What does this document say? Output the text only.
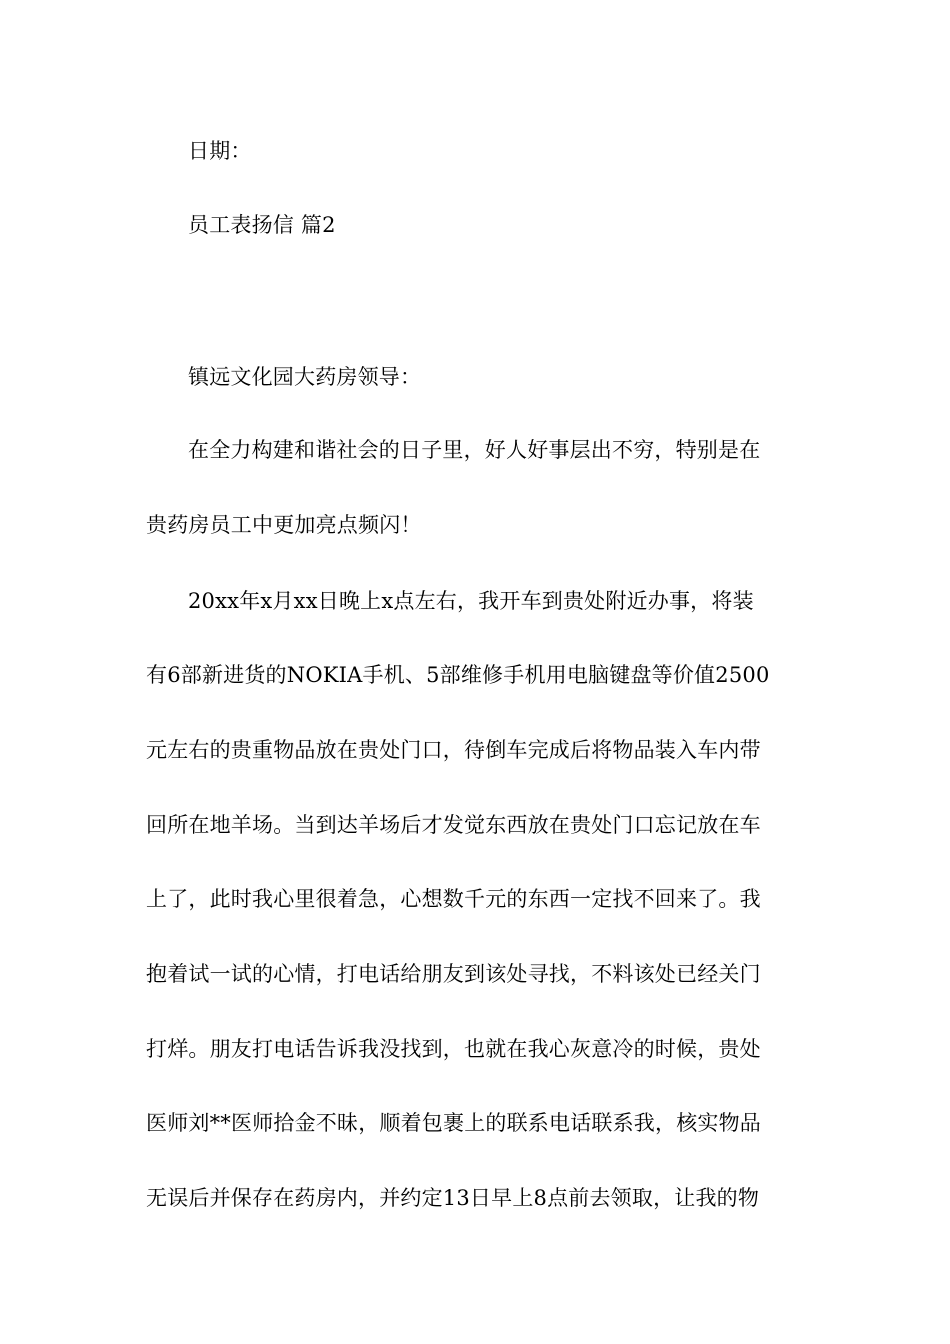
日期：
员工表扬信 篇2
镇远文化园大药房领导：
在全力构建和谐社会的日子里，好人好事层出不穷，特别是在
贵药房员工中更加亮点频闪！
20xx年x月xx日晚上x点左右，我开车到贵处附近办事，将装
有6部新进货的NOKIA手机、5部维修手机用电脑键盘等价值2500
元左右的贵重物品放在贵处门口，待倒车完成后将物品装入车内带
回所在地羊场。当到达羊场后才发觉东西放在贵处门口忘记放在车
上了，此时我心里很着急，心想数千元的东西一定找不回来了。我
抱着试一试的心情，打电话给朋友到该处寻找，不料该处已经关门
打烊。朋友打电话告诉我没找到，也就在我心灰意冷的时候，贵处
医师刘**医师拾金不昧，顺着包裹上的联系电话联系我，核实物品
无误后并保存在药房内，并约定13日早上8点前去领取，让我的物
